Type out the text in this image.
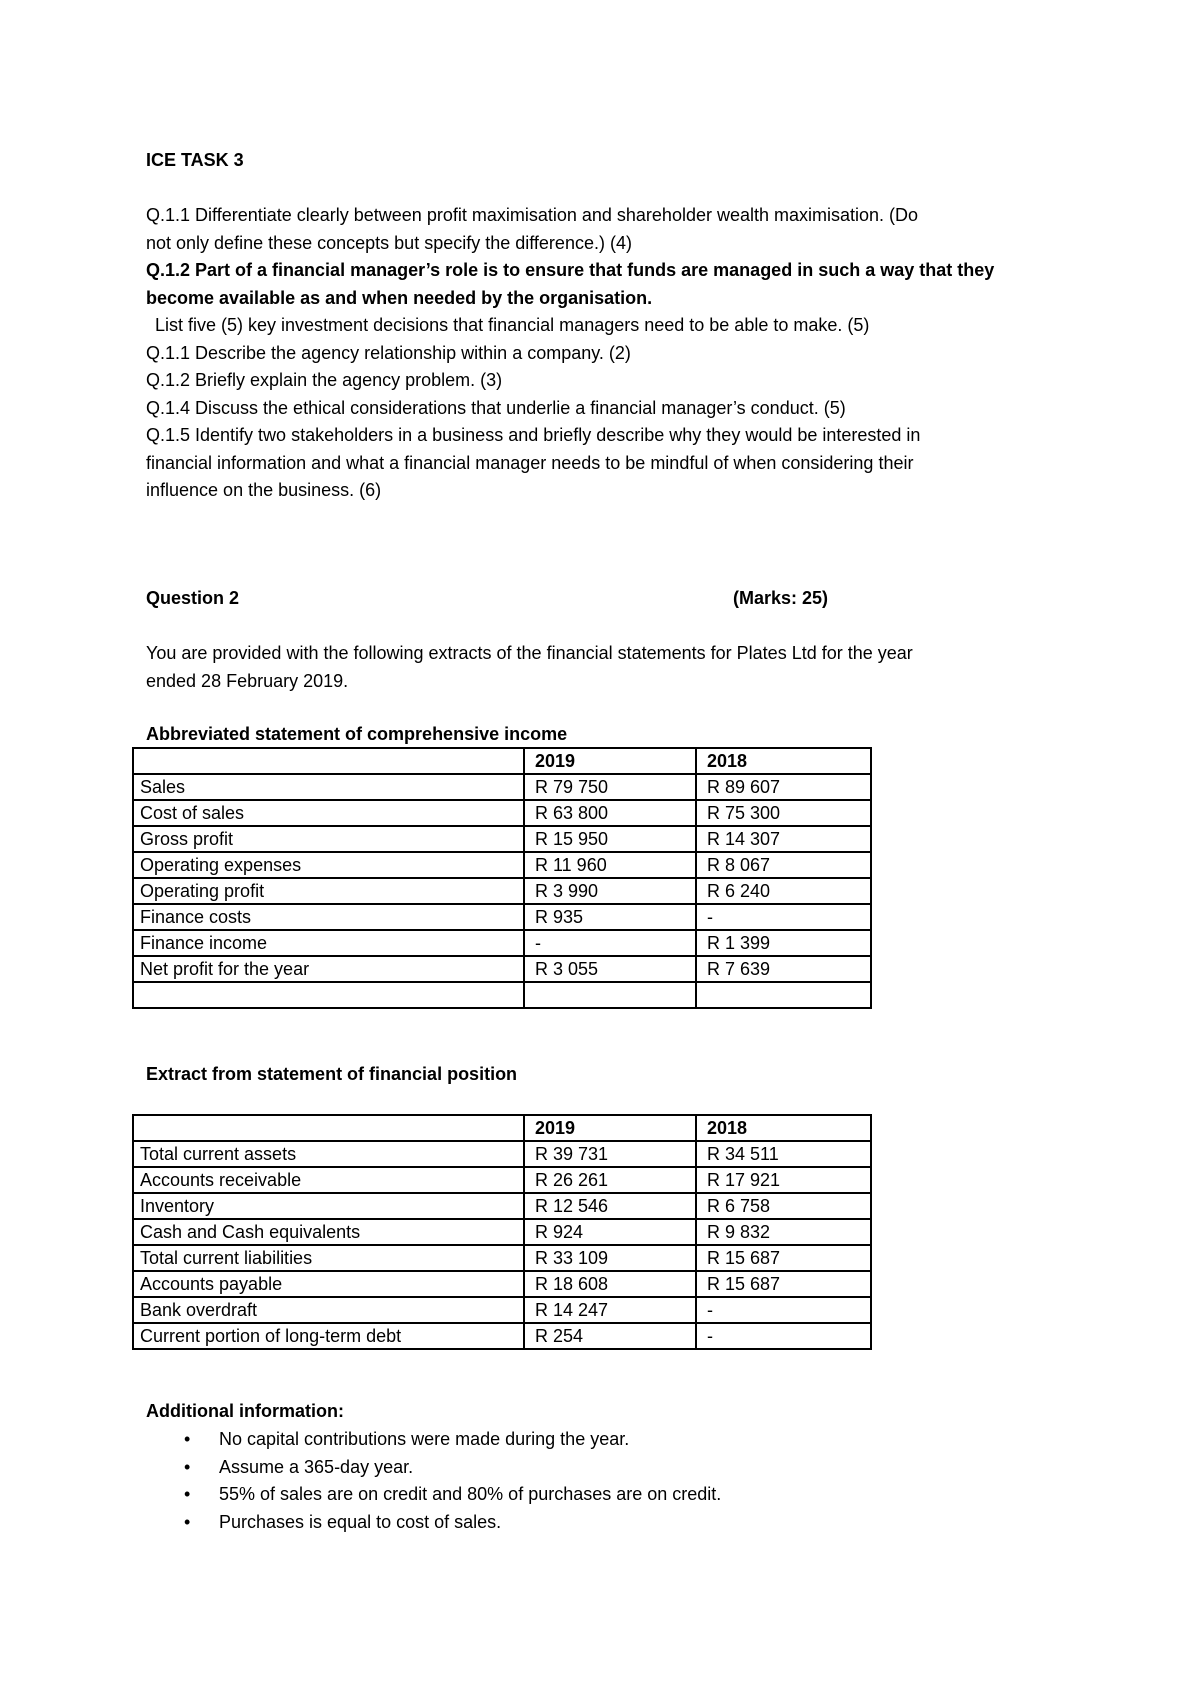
ICE TASK 3
Q.1.1 Differentiate clearly between profit maximisation and shareholder wealth maximisation. (Do
not only define these concepts but specify the difference.) (4)
Q.1.2 Part of a financial manager’s role is to ensure that funds are managed in such a way that they
become available as and when needed by the organisation.
List five (5) key investment decisions that financial managers need to be able to make. (5)
Q.1.1 Describe the agency relationship within a company. (2)
Q.1.2 Briefly explain the agency problem. (3)
Q.1.4 Discuss the ethical considerations that underlie a financial manager’s conduct. (5)
Q.1.5 Identify two stakeholders in a business and briefly describe why they would be interested in
financial information and what a financial manager needs to be mindful of when considering their
influence on the business. (6)
Question 2	(Marks: 25)
You are provided with the following extracts of the financial statements for Plates Ltd for the year
ended 28 February 2019.
Abbreviated statement of comprehensive income
	2019	2018
Sales	R 79 750	R 89 607
Cost of sales	R 63 800	R 75 300
Gross profit	R 15 950	R 14 307
Operating expenses	R 11 960	R 8 067
Operating profit	R 3 990	R 6 240
Finance costs	R 935	-
Finance income	-	R 1 399
Net profit for the year	R 3 055	R 7 639

Extract from statement of financial position
	2019	2018
Total current assets	R 39 731	R 34 511
Accounts receivable	R 26 261	R 17 921
Inventory	R 12 546	R 6 758
Cash and Cash equivalents	R 924	R 9 832
Total current liabilities	R 33 109	R 15 687
Accounts payable	R 18 608	R 15 687
Bank overdraft	R 14 247	-
Current portion of long-term debt	R 254	-
Additional information:
• No capital contributions were made during the year.
• Assume a 365-day year.
• 55% of sales are on credit and 80% of purchases are on credit.
• Purchases is equal to cost of sales.
